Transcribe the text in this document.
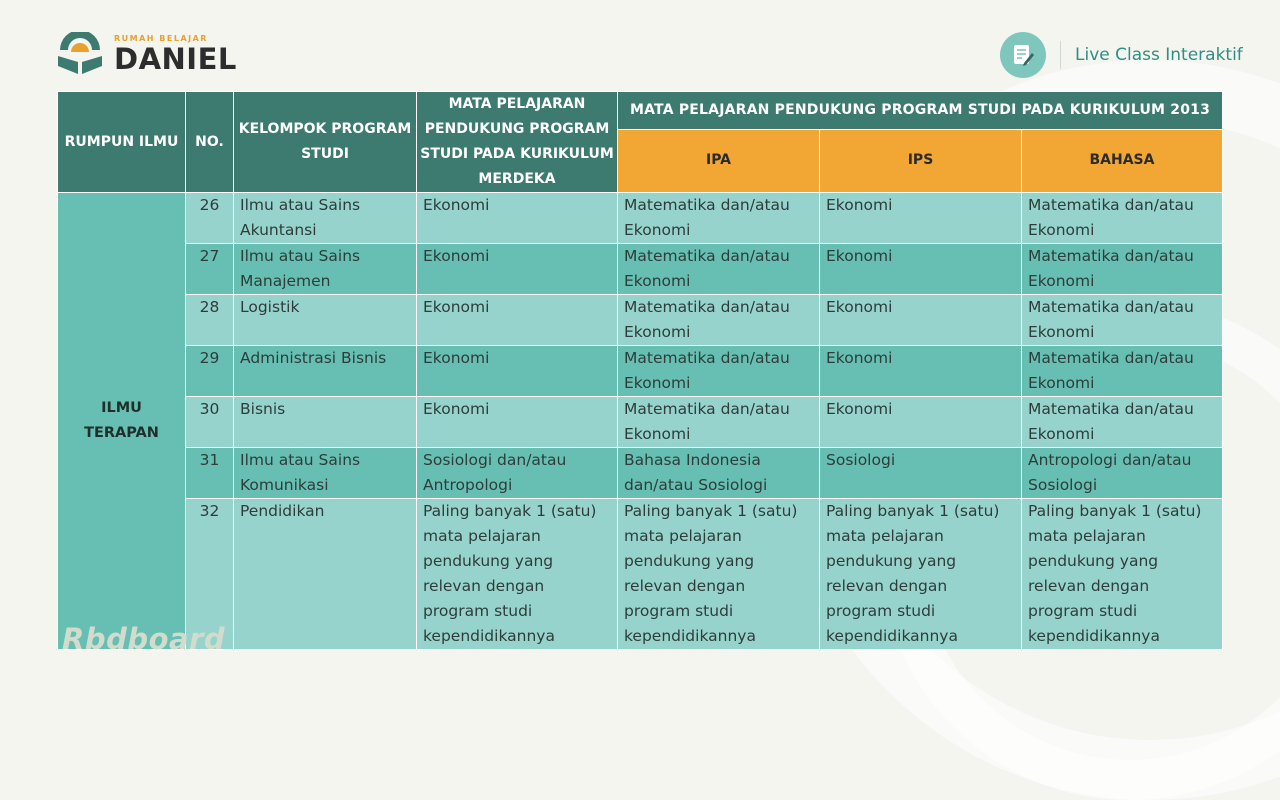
RUMAH BELAJAR
DANIEL	Live Class Interaktif
RUMPUN ILMU	NO.	KELOMPOK PROGRAM STUDI	MATA PELAJARAN PENDUKUNG PROGRAM STUDI PADA KURIKULUM MERDEKA	MATA PELAJARAN PENDUKUNG PROGRAM STUDI PADA KURIKULUM 2013		
				IPA	IPS	BAHASA
ILMU TERAPAN	26	Ilmu atau Sains Akuntansi	Ekonomi	Matematika dan/atau Ekonomi	Ekonomi	Matematika dan/atau Ekonomi
	27	Ilmu atau Sains Manajemen	Ekonomi	Matematika dan/atau Ekonomi	Ekonomi	Matematika dan/atau Ekonomi
	28	Logistik	Ekonomi	Matematika dan/atau Ekonomi	Ekonomi	Matematika dan/atau Ekonomi
	29	Administrasi Bisnis	Ekonomi	Matematika dan/atau Ekonomi	Ekonomi	Matematika dan/atau Ekonomi
	30	Bisnis	Ekonomi	Matematika dan/atau Ekonomi	Ekonomi	Matematika dan/atau Ekonomi
	31	Ilmu atau Sains Komunikasi	Sosiologi dan/atau Antropologi	Bahasa Indonesia dan/atau Sosiologi	Sosiologi	Antropologi dan/atau Sosiologi
	32	Pendidikan	Paling banyak 1 (satu) mata pelajaran pendukung yang relevan dengan program studi kependidikannya	Paling banyak 1 (satu) mata pelajaran pendukung yang relevan dengan program studi kependidikannya	Paling banyak 1 (satu) mata pelajaran pendukung yang relevan dengan program studi kependidikannya	Paling banyak 1 (satu) mata pelajaran pendukung yang relevan dengan program studi kependidikannya
Rbdboard
